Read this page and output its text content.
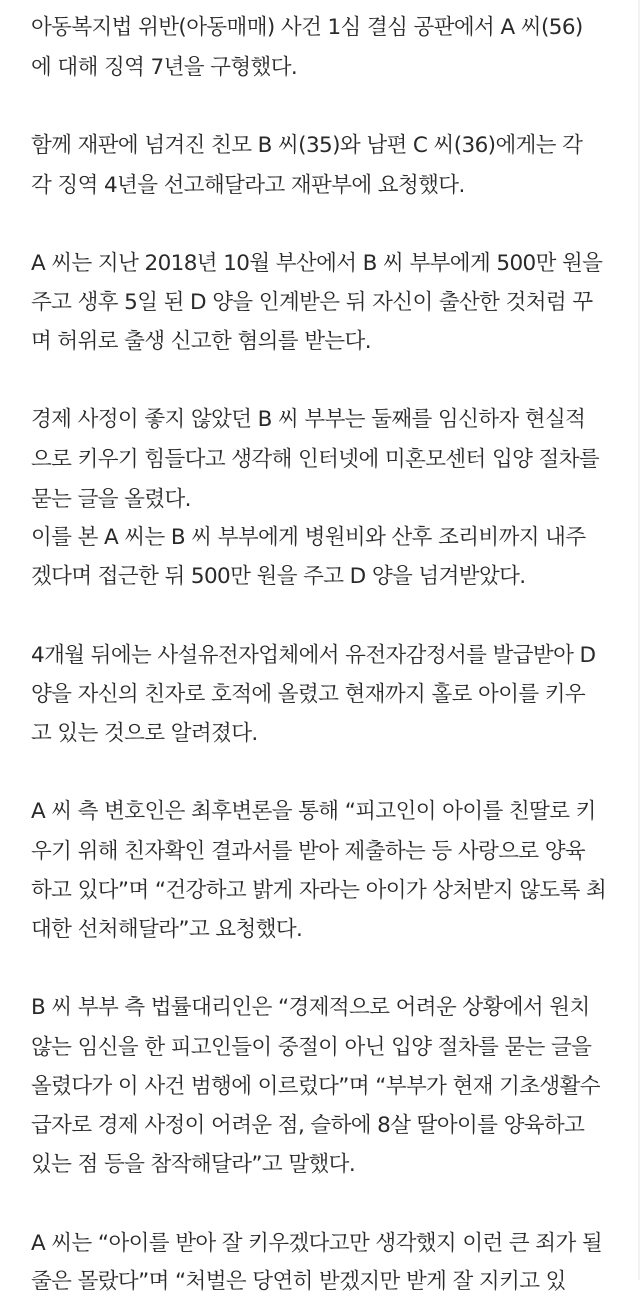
아동복지법 위반(아동매매) 사건 1심 결심 공판에서 A 씨(56)
에 대해 징역 7년을 구형했다.
함께 재판에 넘겨진 친모 B 씨(35)와 남편 C 씨(36)에게는 각
각 징역 4년을 선고해달라고 재판부에 요청했다.
A 씨는 지난 2018년 10월 부산에서 B 씨 부부에게 500만 원을
주고 생후 5일 된 D 양을 인계받은 뒤 자신이 출산한 것처럼 꾸
며 허위로 출생 신고한 혐의를 받는다.
경제 사정이 좋지 않았던 B 씨 부부는 둘째를 임신하자 현실적
으로 키우기 힘들다고 생각해 인터넷에 미혼모센터 입양 절차를
묻는 글을 올렸다.
이를 본 A 씨는 B 씨 부부에게 병원비와 산후 조리비까지 내주
겠다며 접근한 뒤 500만 원을 주고 D 양을 넘겨받았다.
4개월 뒤에는 사설유전자업체에서 유전자감정서를 발급받아 D
양을 자신의 친자로 호적에 올렸고 현재까지 홀로 아이를 키우
고 있는 것으로 알려졌다.
A 씨 측 변호인은 최후변론을 통해 “피고인이 아이를 친딸로 키
우기 위해 친자확인 결과서를 받아 제출하는 등 사랑으로 양육
하고 있다”며 “건강하고 밝게 자라는 아이가 상처받지 않도록 최
대한 선처해달라”고 요청했다.
B 씨 부부 측 법률대리인은 “경제적으로 어려운 상황에서 원치
않는 임신을 한 피고인들이 중절이 아닌 입양 절차를 묻는 글을
올렸다가 이 사건 범행에 이르렀다”며 “부부가 현재 기초생활수
급자로 경제 사정이 어려운 점, 슬하에 8살 딸아이를 양육하고
있는 점 등을 참작해달라”고 말했다.
A 씨는 “아이를 받아 잘 키우겠다고만 생각했지 이런 큰 죄가 될
줄은 몰랐다”며 “처벌은 당연히 받겠지만 받게 잘 지키고 있
